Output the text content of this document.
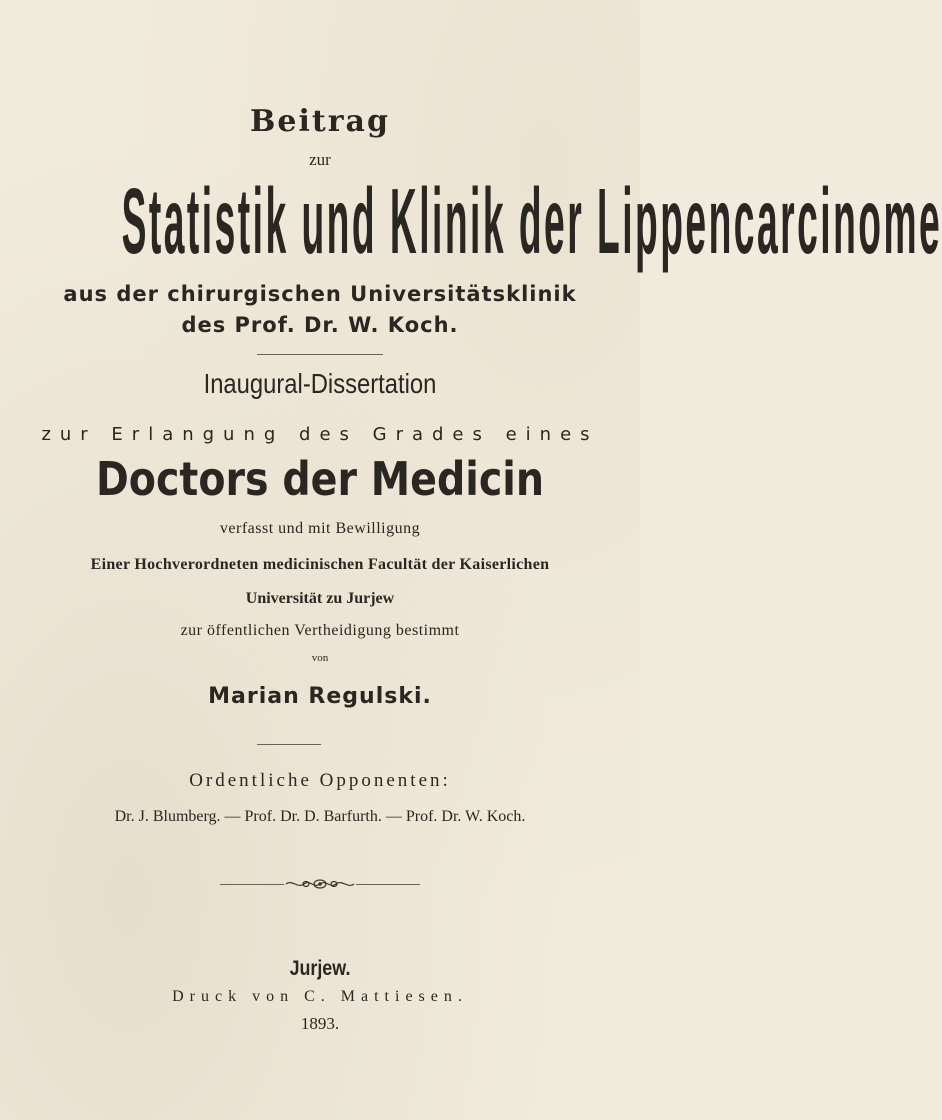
Beitrag
zur
Statistik und Klinik der Lippencarcinome
aus der chirurgischen Universitätsklinik
des Prof. Dr. W. Koch.
Inaugural-Dissertation
zur Erlangung des Grades eines
Doctors der Medicin
verfasst und mit Bewilligung
Einer Hochverordneten medicinischen Facultät der Kaiserlichen
Universität zu Jurjew
zur öffentlichen Vertheidigung bestimmt
von
Marian Regulski.
Ordentliche Opponenten:
Dr. J. Blumberg. — Prof. Dr. D. Barfurth. — Prof. Dr. W. Koch.
Jurjew.
Druck von C. Mattiesen.
1893.
